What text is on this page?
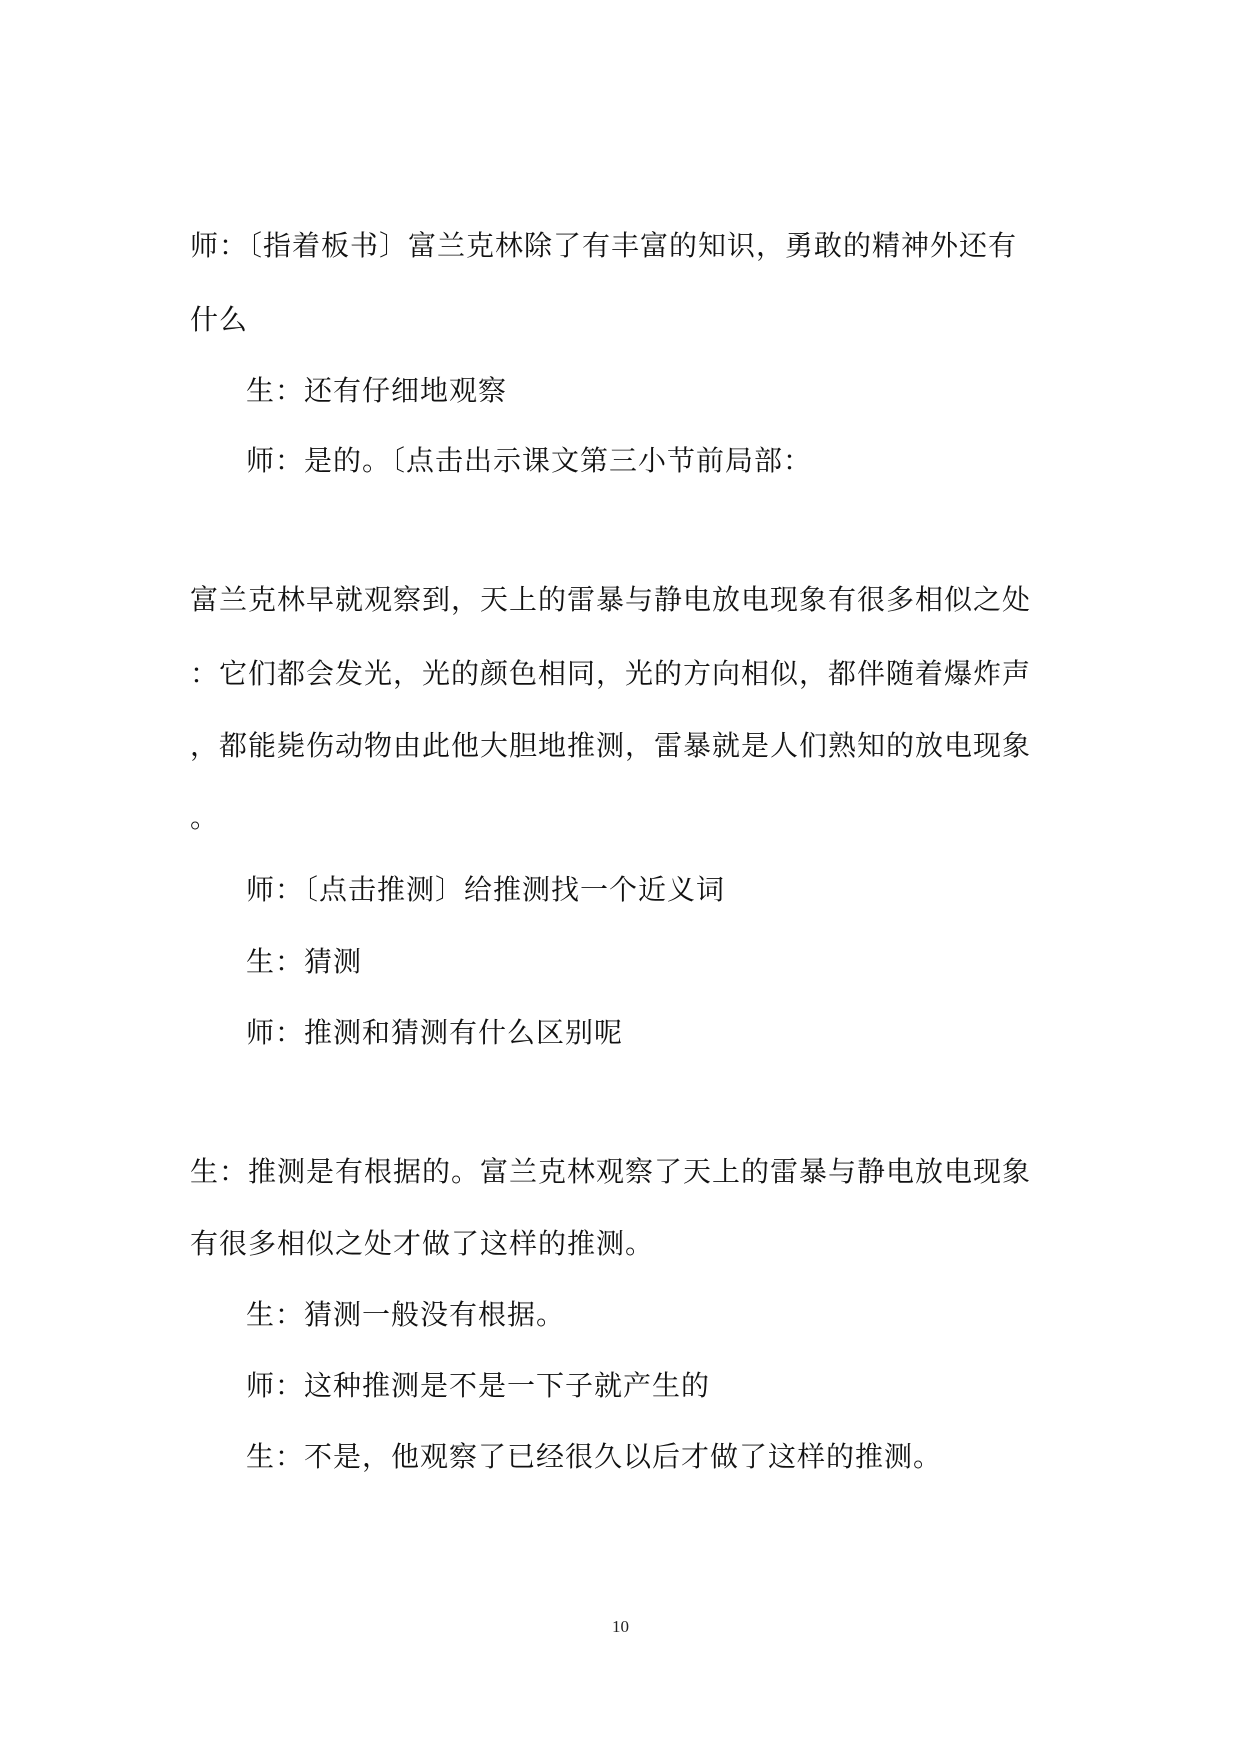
师：〔指着板书〕富兰克林除了有丰富的知识，勇敢的精神外还有
什么
生：还有仔细地观察
师：是的。〔点击出示课文第三小节前局部：
富兰克林早就观察到，天上的雷暴与静电放电现象有很多相似之处
：它们都会发光，光的颜色相同，光的方向相似，都伴随着爆炸声
，都能毙伤动物由此他大胆地推测，雷暴就是人们熟知的放电现象
。
师：〔点击推测〕给推测找一个近义词
生：猜测
师：推测和猜测有什么区别呢
生：推测是有根据的。富兰克林观察了天上的雷暴与静电放电现象
有很多相似之处才做了这样的推测。
生：猜测一般没有根据。
师：这种推测是不是一下子就产生的
生：不是，他观察了已经很久以后才做了这样的推测。
10
